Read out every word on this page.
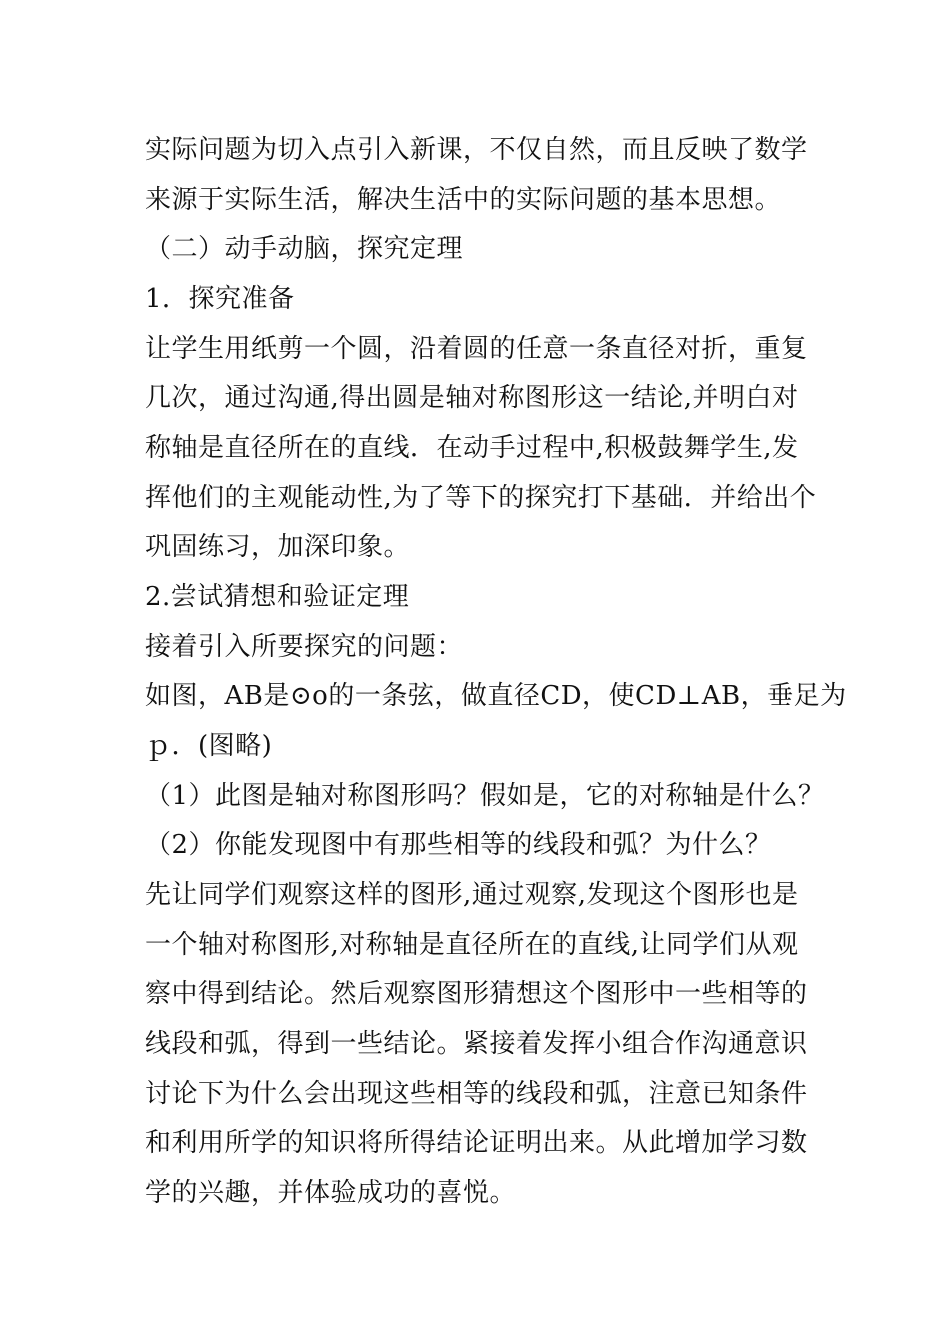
实际问题为切入点引入新课，不仅自然，而且反映了数学
来源于实际生活，解决生活中的实际问题的基本思想。
（二）动手动脑，探究定理
1．探究准备
让学生用纸剪一个圆，沿着圆的任意一条直径对折，重复
几次，通过沟通,得出圆是轴对称图形这一结论,并明白对
称轴是直径所在的直线．在动手过程中,积极鼓舞学生,发
挥他们的主观能动性,为了等下的探究打下基础．并给出个
巩固练习，加深印象。
2.尝试猜想和验证定理
接着引入所要探究的问题：
如图，AB是⊙o的一条弦，做直径CD，使CD⊥AB，垂足为
ｐ．(图略)
（1）此图是轴对称图形吗？假如是，它的对称轴是什么？
（2）你能发现图中有那些相等的线段和弧？为什么？
先让同学们观察这样的图形,通过观察,发现这个图形也是
一个轴对称图形,对称轴是直径所在的直线,让同学们从观
察中得到结论。然后观察图形猜想这个图形中一些相等的
线段和弧，得到一些结论。紧接着发挥小组合作沟通意识
讨论下为什么会出现这些相等的线段和弧，注意已知条件
和利用所学的知识将所得结论证明出来。从此增加学习数
学的兴趣，并体验成功的喜悦。
